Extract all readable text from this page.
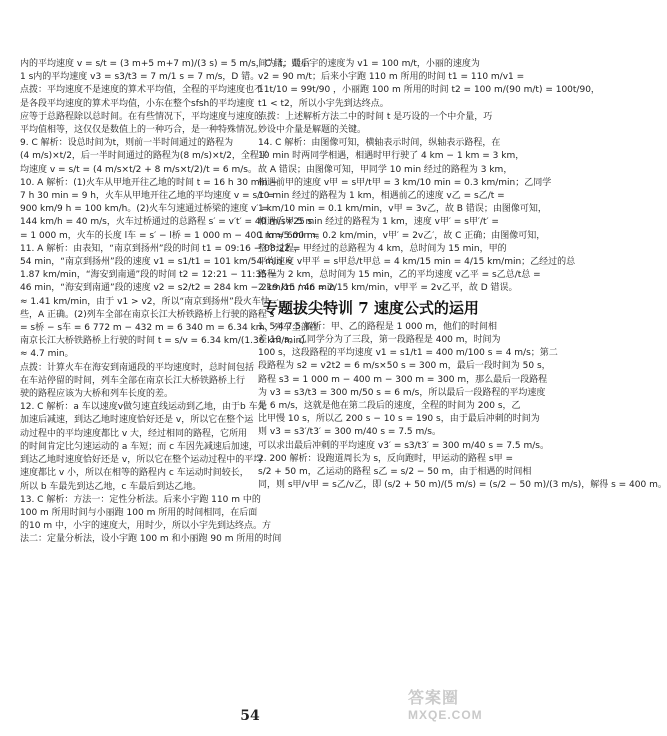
内的平均速度 v = s/t = (3 m+5 m+7 m)/(3 s) = 5 m/s，C 错；最后
1 s内的平均速度 v3 = s3/t3 = 7 m/1 s = 7 m/s，D 错。
点拨：平均速度不是速度的算术平均值，全程的平均速度也不
是各段平均速度的算术平均值，小东在整个sfsh的平均速度
应等于总路程除以总时间。在有些情况下，平均速度与速度的
平均值相等，这仅仅是数值上的一种巧合，是一种特殊情况。
9. C 解析：设总时间为t，则前一半时间通过的路程为
(4 m/s)×t/2，后一半时间通过的路程为(8 m/s)×t/2，全程平
均速度 v = s/t = (4 m/s×t/2 + 8 m/s×t/2)/t = 6 m/s。
10. A 解析：(1)火车从甲地开往乙地的时间 t = 16 h 30 min −
7 h 30 min = 9 h，火车从甲地开往乙地的平均速度 v = s/t =
900 km/9 h = 100 km/h。(2)火车匀速通过桥梁的速度 v′ =
144 km/h = 40 m/s，火车过桥通过的总路程 s′ = v′t′ = 40 m/s×25 s
= 1 000 m，火车的长度 l车 = s′ − l桥 = 1 000 m − 400 m = 600 m。
11. A 解析：由表知，“南京到扬州”段的时间 t1 = 09:16 − 08:22 =
54 min，“南京到扬州”段的速度 v1 = s1/t1 = 101 km/54 min ≈
1.87 km/min，“海安到南通”段的时间 t2 = 12:21 − 11:35 =
46 min，“海安到南通”段的速度 v2 = s2/t2 = 284 km − 219 km / 46 min
≈ 1.41 km/min，由于 v1 > v2，所以“南京到扬州”段火车快一
些，A 正确。(2)列车全部在南京长江大桥铁路桥上行驶的路程 s
= s桥 − s车 = 6 772 m − 432 m = 6 340 m = 6.34 km，列车全部在
南京长江大桥铁路桥上行驶的时间 t = s/v = 6.34 km/(1.36 km/min)
≈ 4.7 min。
点拨：计算火车在海安到南通段的平均速度时，总时间包括
在车站停留的时间，列车全部在南京长江大桥铁路桥上行
驶的路程应该为大桥和列车长度的差。
12. C 解析：a 车以速度v做匀速直线运动到乙地，由于b 车先
加速后减速，到达乙地时速度恰好还是 v，所以它在整个运
动过程中的平均速度都比 v 大，经过相同的路程，它所用
的时间肯定比匀速运动的 a 车短；而 c 车因先减速后加速，
到达乙地时速度恰好还是 v，所以它在整个运动过程中的平均
速度都比 v 小，所以在相等的路程内 c 车运动时间较长，
所以 b 车最先到达乙地，c 车最后到达乙地。
13. C 解析：方法一：定性分析法。后来小宇跑 110 m 中的
100 m 所用时间与小丽跑 100 m 所用的时间相同，在后面
的10 m 中，小宇的速度大，用时少，所以小宇先到达终点。方
法二：定量分析法，设小宇跑 100 m 和小丽跑 90 m 所用的时间
间为 t，则小宇的速度为 v1 = 100 m/t，小丽的速度为
v2 = 90 m/t；后来小宇跑 110 m 所用的时间 t1 = 110 m/v1 =
11t/10 = 99t/90 ，小丽跑 100 m 所用的时间 t2 = 100 m/(90 m/t) = 100t/90，
t1 < t2，所以小宇先到达终点。
点拨：上述解析方法二中的时间 t 是巧设的一个中介量，巧
妙设中介量是解题的关键。
14. C 解析：由图像可知，横轴表示时间，纵轴表示路程，在
10 min 时两同学相遇，相遇时甲行驶了 4 km − 1 km = 3 km，
故 A 错误；由图像可知，甲同学 10 min 经过的路程为 3 km，
相遇前甲的速度 v甲 = s甲/t甲 = 3 km/10 min = 0.3 km/min；乙同学
10 min 经过的路程为 1 km，相遇前乙的速度 v乙 = s乙/t =
1 km/10 min = 0.1 km/min，v甲 = 3v乙，故 B 错误；由图像可知，
相遇后甲 5 min 经过的路程为 1 km，速度 v甲′ = s甲′/t′ =
1 km/5 min = 0.2 km/min，v甲′ = 2v乙′，故 C 正确；由图像可知，
整个过程，甲经过的总路程为 4 km，总时间为 15 min，甲的
平均速度 v甲平 = s甲总/t甲总 = 4 km/15 min = 4/15 km/min；乙经过的总
路程为 2 km，总时间为 15 min，乙的平均速度 v乙平 = s乙总/t总 =
2 km/15 min = 2/15 km/min，v甲平 = 2v乙平，故 D 错误。
专题拔尖特训 7 速度公式的运用
1. 5 4 7.5 解析：甲、乙的路程是 1 000 m，他们的时间相
差 10 s，乙同学分为了三段，第一段路程是 400 m，时间为
100 s，这段路程的平均速度 v1 = s1/t1 = 400 m/100 s = 4 m/s；第二
段路程为 s2 = v2t2 = 6 m/s×50 s = 300 m，最后一段时间为 50 s，
路程 s3 = 1 000 m − 400 m − 300 m = 300 m，那么最后一段路程
为 v3 = s3/t3 = 300 m/50 s = 6 m/s，所以最后一段路程的平均速度
是 6 m/s，这就是他在第二段后的速度，全程的时间为 200 s，乙
比甲慢 10 s，所以乙 200 s − 10 s = 190 s，由于最后冲刺的时间为
则 v3 = s3′/t3′ = 300 m/40 s = 7.5 m/s。
可以求出最后冲刺的平均速度 v3′ = s3/t3′ = 300 m/40 s = 7.5 m/s。
2. 200 解析：设跑道周长为 s，反向跑时，甲运动的路程 s甲 =
s/2 + 50 m，乙运动的路程 s乙 = s/2 − 50 m，由于相遇的时间相
同，则 s甲/v甲 = s乙/v乙，即 (s/2 + 50 m)/(5 m/s) = (s/2 − 50 m)/(3 m/s)，解得 s = 400 m。
54
答案圈
MXQE.COM
